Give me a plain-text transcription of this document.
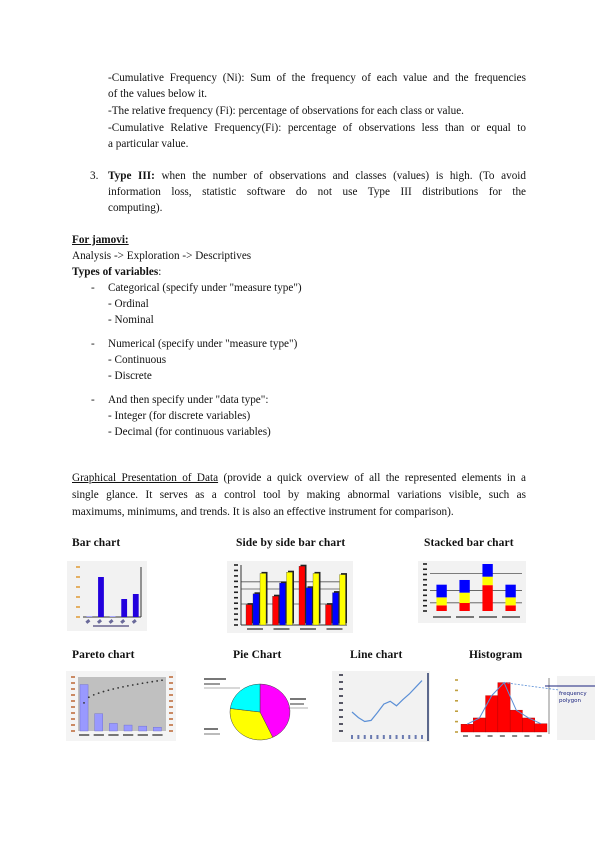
-Cumulative Frequency (Ni): Sum of the frequency of each value and the frequencies
of the values below it.
-The relative frequency (Fi): percentage of observations for each class or value.
-Cumulative Relative Frequency(Fi): percentage of observations less than or equal to
a particular value.
3. Type III: when the number of observations and classes (values) is high. (To avoid
information loss, statistic software do not use Type III distributions for the
computing).
For jamovi:
Analysis -> Exploration -> Descriptives
Types of variables:
- Categorical (specify under "measure type")
- Ordinal
- Nominal
- Numerical (specify under "measure type")
- Continuous
- Discrete
- And then specify under "data type":
- Integer (for discrete variables)
- Decimal (for continuous variables)
Graphical Presentation of Data (provide a quick overview of all the represented elements in a
single glance. It serves as a control tool by making abnormal variations visible, such as
maximums, minimums, and trends. It is also an effective instrument for comparison).
Bar chart	Side by side bar chart	Stacked bar chart
Pareto chart	Pie Chart	Line chart	Histogram
frequency
polygon
